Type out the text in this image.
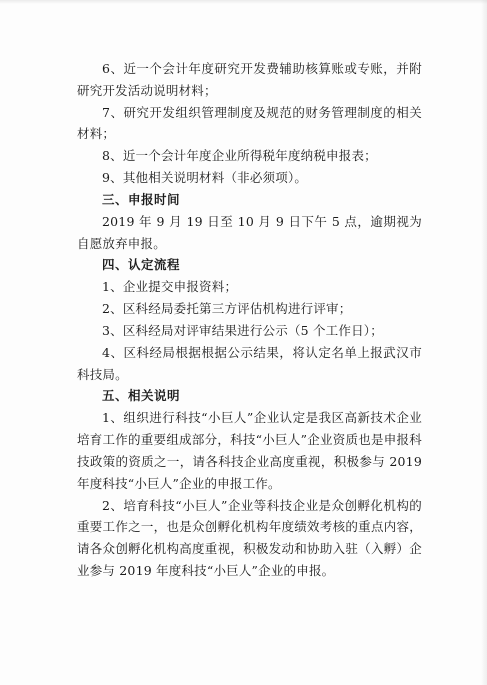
6、近一个会计年度研究开发费辅助核算账或专账，并附研究开发活动说明材料；

7、研究开发组织管理制度及规范的财务管理制度的相关材料；

8、近一个会计年度企业所得税年度纳税申报表；

9、其他相关说明材料（非必须项）。

三、申报时间

2019 年 9 月 19 日至 10 月 9 日下午 5 点，逾期视为自愿放弃申报。

四、认定流程

1、企业提交申报资料；

2、区科经局委托第三方评估机构进行评审；

3、区科经局对评审结果进行公示（5 个工作日）；

4、区科经局根据根据公示结果，将认定名单上报武汉市科技局。

五、相关说明

1、组织进行科技“小巨人”企业认定是我区高新技术企业培育工作的重要组成部分，科技“小巨人”企业资质也是申报科技政策的资质之一，请各科技企业高度重视，积极参与 2019 年度科技“小巨人”企业的申报工作。

2、培育科技“小巨人”企业等科技企业是众创孵化机构的重要工作之一，也是众创孵化机构年度绩效考核的重点内容，请各众创孵化机构高度重视，积极发动和协助入驻（入孵）企业参与 2019 年度科技“小巨人”企业的申报。
